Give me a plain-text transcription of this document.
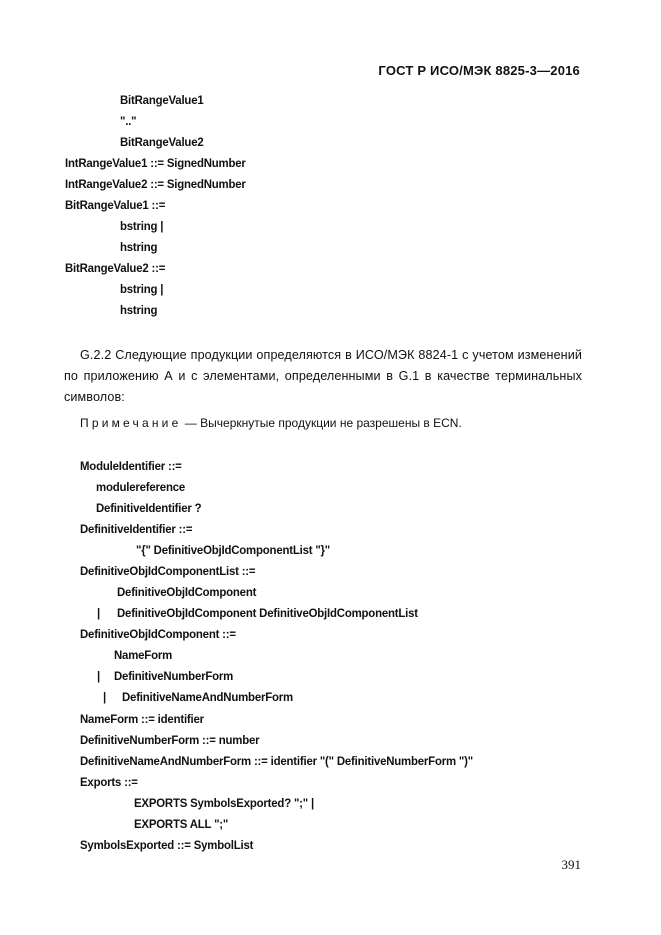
ГОСТ Р ИСО/МЭК 8825-3—2016
BitRangeValue1
".."
BitRangeValue2
IntRangeValue1 ::= SignedNumber
IntRangeValue2 ::= SignedNumber
BitRangeValue1 ::=
bstring |
hstring
BitRangeValue2 ::=
bstring |
hstring
G.2.2 Следующие продукции определяются в ИСО/МЭК 8824-1 с учетом изменений по приложению А и с элементами, определенными в G.1 в качестве терминальных символов:
Примечание — Вычеркнутые продукции не разрешены в ECN.
ModuleIdentifier ::=
modulereference
DefinitiveIdentifier ?
DefinitiveIdentifier ::=
"{" DefinitiveObjIdComponentList "}"
DefinitiveObjIdComponentList ::=
DefinitiveObjIdComponent
| DefinitiveObjIdComponent DefinitiveObjIdComponentList
DefinitiveObjIdComponent ::=
NameForm
| DefinitiveNumberForm
| DefinitiveNameAndNumberForm
NameForm ::= identifier
DefinitiveNumberForm ::= number
DefinitiveNameAndNumberForm ::= identifier "(" DefinitiveNumberForm ")"
Exports ::=
EXPORTS SymbolsExported? ";" |
EXPORTS ALL ";"
SymbolsExported ::= SymbolList
391
